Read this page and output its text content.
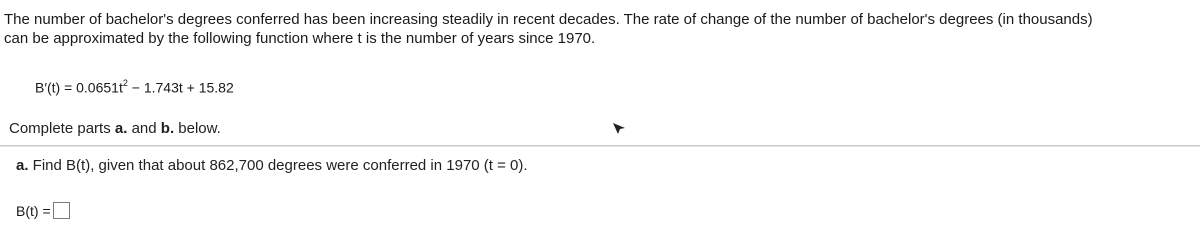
The number of bachelor's degrees conferred has been increasing steadily in recent decades. The rate of change of the number of bachelor's degrees (in thousands)
can be approximated by the following function where t is the number of years since 1970.
$B'(t) = 0.0651t^2 - 1.743t + 15.82$
Complete parts a. and b. below.
a. Find B(t), given that about 862,700 degrees were conferred in 1970 (t = 0).
B(t) =
